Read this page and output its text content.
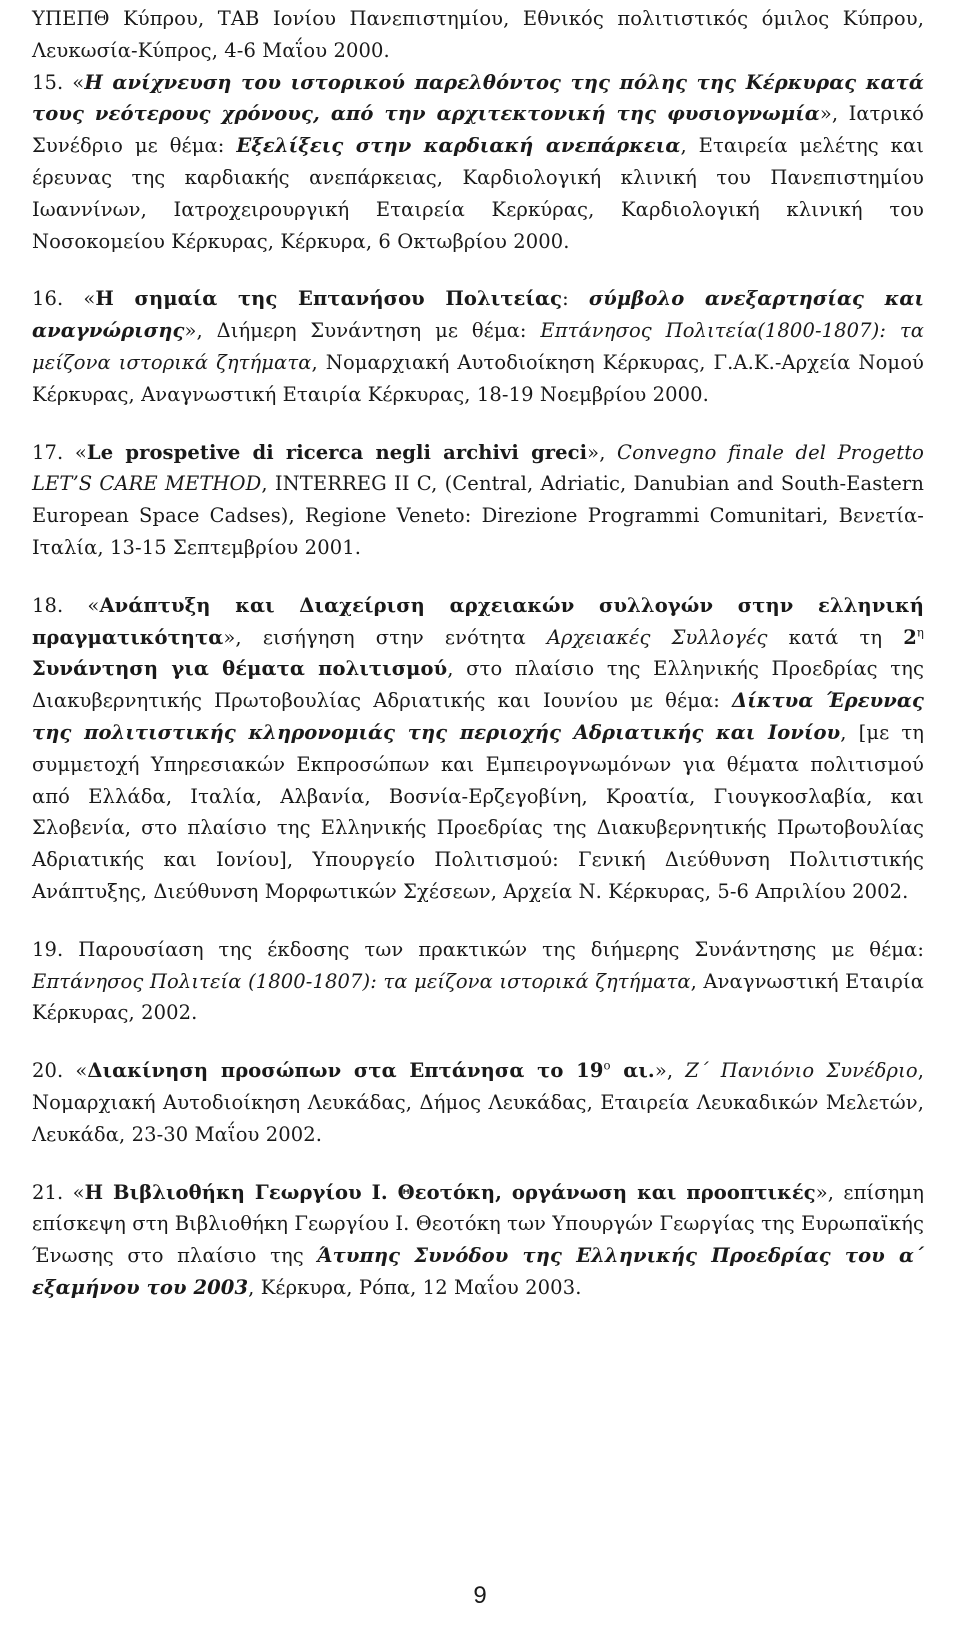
ΥΠΕΠΘ Κύπρου, ΤΑΒ Ιονίου Πανεπιστημίου, Εθνικός πολιτιστικός όμιλος Κύπρου, Λευκωσία-Κύπρος, 4-6 Μαΐου 2000.

15. «Η ανίχνευση του ιστορικού παρελθόντος της πόλης της Κέρκυρας κατά τους νεότερους χρόνους, από την αρχιτεκτονική της φυσιογνωμία», Ιατρικό Συνέδριο με θέμα: Εξελίξεις στην καρδιακή ανεπάρκεια, Εταιρεία μελέτης και έρευνας της καρδιακής ανεπάρκειας, Καρδιολογική κλινική του Πανεπιστημίου Ιωαννίνων, Ιατροχειρουργική Εταιρεία Κερκύρας, Καρδιολογική κλινική του Νοσοκομείου Κέρκυρας, Κέρκυρα, 6 Οκτωβρίου 2000.

16. «Η σημαία της Επτανήσου Πολιτείας: σύμβολο ανεξαρτησίας και αναγνώρισης», Διήμερη Συνάντηση με θέμα: Επτάνησος Πολιτεία(1800-1807): τα μείζονα ιστορικά ζητήματα, Νομαρχιακή Αυτοδιοίκηση Κέρκυρας, Γ.Α.Κ.-Αρχεία Νομού Κέρκυρας, Αναγνωστική Εταιρία Κέρκυρας, 18-19 Νοεμβρίου 2000.

17. «Le prospetive di ricerca negli archivi greci», Convegno finale del Progetto LET’S CARE METHOD, INTERREG II C, (Central, Adriatic, Danubian and South-Eastern European Space Cadses), Regione Veneto: Direzione Programmi Comunitari, Βενετία-Ιταλία, 13-15 Σεπτεμβρίου 2001.

18. «Ανάπτυξη και Διαχείριση αρχειακών συλλογών στην ελληνική πραγματικότητα», εισήγηση στην ενότητα Αρχειακές Συλλογές κατά τη $2^\eta$ Συνάντηση για θέματα πολιτισμού, στο πλαίσιο της Ελληνικής Προεδρίας της Διακυβερνητικής Πρωτοβουλίας Αδριατικής και Ιουνίου με θέμα: Δίκτυα Έρευνας της πολιτιστικής κληρονομιάς της περιοχής Αδριατικής και Ιονίου, [με τη συμμετοχή Υπηρεσιακών Εκπροσώπων και Εμπειρογνωμόνων για θέματα πολιτισμού από Ελλάδα, Ιταλία, Αλβανία, Βοσνία-Ερζεγοβίνη, Κροατία, Γιουγκοσλαβία, και Σλοβενία, στο πλαίσιο της Ελληνικής Προεδρίας της Διακυβερνητικής Πρωτοβουλίας Αδριατικής και Ιονίου], Υπουργείο Πολιτισμού: Γενική Διεύθυνση Πολιτιστικής Ανάπτυξης, Διεύθυνση Μορφωτικών Σχέσεων, Αρχεία Ν. Κέρκυρας, 5-6 Απριλίου 2002.

19. Παρουσίαση της έκδοσης των πρακτικών της διήμερης Συνάντησης με θέμα: Επτάνησος Πολιτεία (1800-1807): τα μείζονα ιστορικά ζητήματα, Αναγνωστική Εταιρία Κέρκυρας, 2002.

20. «Διακίνηση προσώπων στα Επτάνησα το $19^o$ αι.», Ζ΄ Πανιόνιο Συνέδριο, Νομαρχιακή Αυτοδιοίκηση Λευκάδας, Δήμος Λευκάδας, Εταιρεία Λευκαδικών Μελετών, Λευκάδα, 23-30 Μαΐου 2002.

21. «Η Βιβλιοθήκη Γεωργίου Ι. Θεοτόκη, οργάνωση και προοπτικές», επίσημη επίσκεψη στη Βιβλιοθήκη Γεωργίου Ι. Θεοτόκη των Υπουργών Γεωργίας της Ευρωπαϊκής Ένωσης στο πλαίσιο της Άτυπης Συνόδου της Ελληνικής Προεδρίας του α΄ εξαμήνου του 2003, Κέρκυρα, Ρόπα, 12 Μαΐου 2003.

9
